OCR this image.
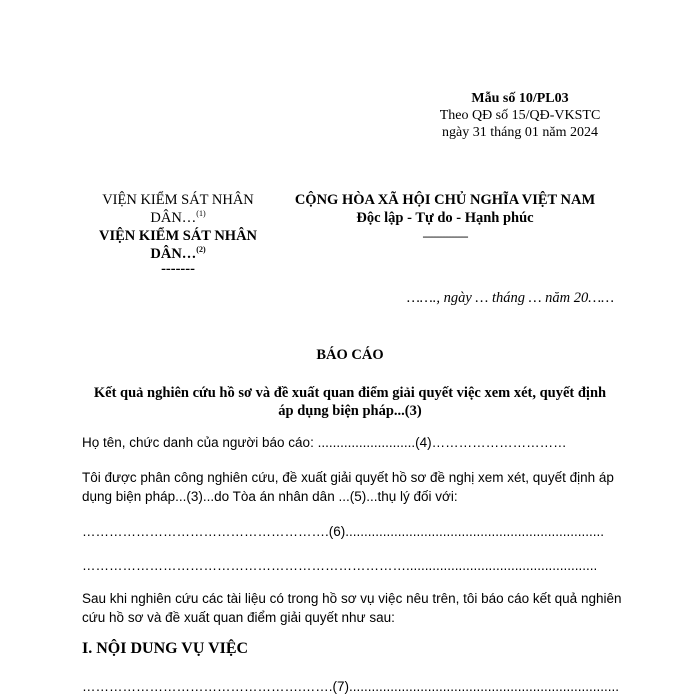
Mẫu số 10/PL03
Theo QĐ số 15/QĐ-VKSTC
ngày 31 tháng 01 năm 2024
VIỆN KIỂM SÁT NHÂN
DÂN…$^{(1)}$
VIỆN KIỂM SÁT NHÂN
DÂN…$^{(2)}$
-------
CỘNG HÒA XÃ HỘI CHỦ NGHĨA VIỆT NAM
Độc lập - Tự do - Hạnh phúc
---------------
……., ngày … tháng … năm 20……
BÁO CÁO
Kết quả nghiên cứu hồ sơ và đề xuất quan điểm giải quyết việc xem xét, quyết định
áp dụng biện pháp...(3)
Họ tên, chức danh của người báo cáo: ..........................(4)…………………………
Tôi được phân công nghiên cứu, đề xuất giải quyết hồ sơ đề nghị xem xét, quyết định áp dụng biện pháp...(3)...do Tòa án nhân dân ...(5)...thụ lý đối với:
……………………………………………….(6).....................................................................
………………………………………………………………...................................................
Sau khi nghiên cứu các tài liệu có trong hồ sơ vụ việc nêu trên, tôi báo cáo kết quả nghiên cứu hồ sơ và đề xuất quan điểm giải quyết như sau:
I. NỘI DUNG VỤ VIỆC
………………………………………….…….(7)........................................................................
